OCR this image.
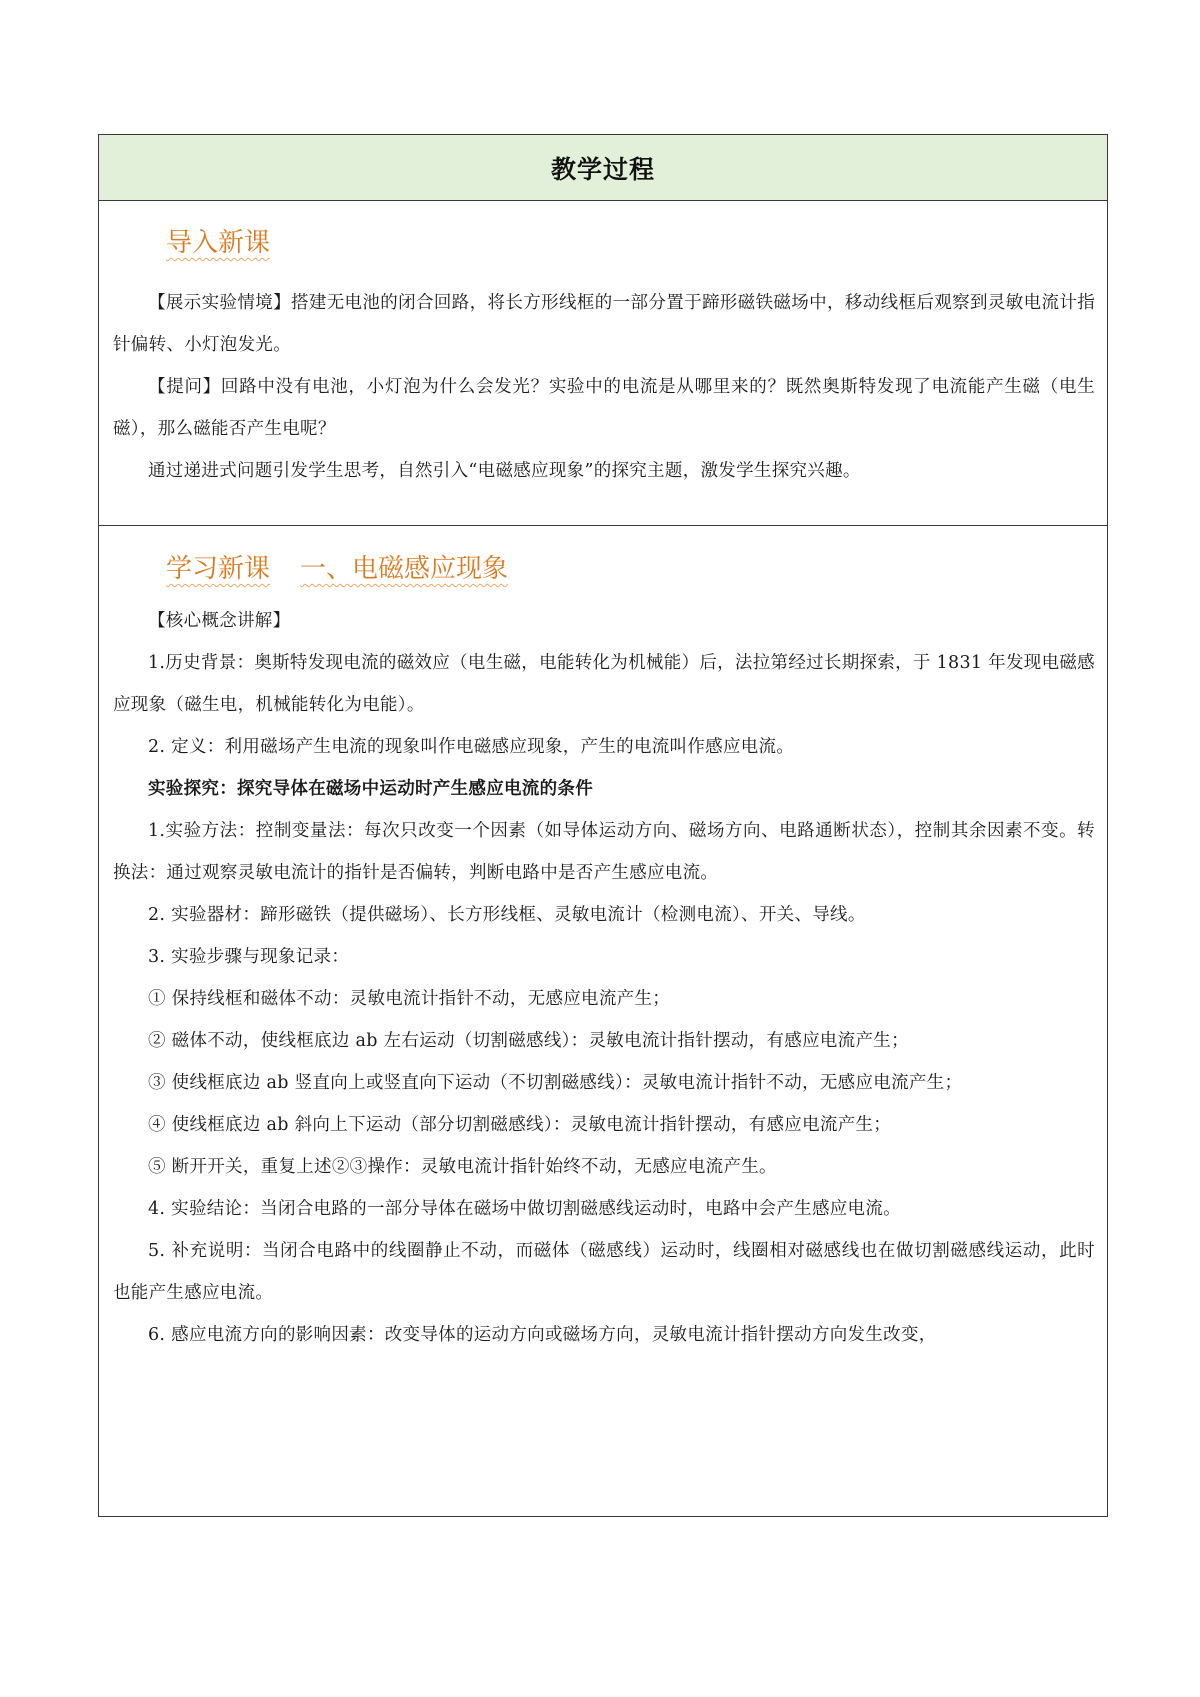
教学过程
导入新课

【展示实验情境】搭建无电池的闭合回路，将长方形线框的一部分置于蹄形磁铁磁场中，移动线框后观察到灵敏电流计指针偏转、小灯泡发光。

【提问】回路中没有电池，小灯泡为什么会发光？实验中的电流是从哪里来的？既然奥斯特发现了电流能产生磁（电生磁），那么磁能否产生电呢？

通过递进式问题引发学生思考，自然引入“电磁感应现象”的探究主题，激发学生探究兴趣。

学习新课 一、电磁感应现象

【核心概念讲解】

1.历史背景：奥斯特发现电流的磁效应（电生磁，电能转化为机械能）后，法拉第经过长期探索，于 1831 年发现电磁感应现象（磁生电，机械能转化为电能）。

2. 定义：利用磁场产生电流的现象叫作电磁感应现象，产生的电流叫作感应电流。

实验探究：探究导体在磁场中运动时产生感应电流的条件

1.实验方法：控制变量法：每次只改变一个因素（如导体运动方向、磁场方向、电路通断状态），控制其余因素不变。转换法：通过观察灵敏电流计的指针是否偏转，判断电路中是否产生感应电流。

2. 实验器材：蹄形磁铁（提供磁场）、长方形线框、灵敏电流计（检测电流）、开关、导线。

3. 实验步骤与现象记录：

① 保持线框和磁体不动：灵敏电流计指针不动，无感应电流产生；

② 磁体不动，使线框底边 ab 左右运动（切割磁感线）：灵敏电流计指针摆动，有感应电流产生；

③ 使线框底边 ab 竖直向上或竖直向下运动（不切割磁感线）：灵敏电流计指针不动，无感应电流产生；

④ 使线框底边 ab 斜向上下运动（部分切割磁感线）：灵敏电流计指针摆动，有感应电流产生；

⑤ 断开开关，重复上述②③操作：灵敏电流计指针始终不动，无感应电流产生。

4. 实验结论：当闭合电路的一部分导体在磁场中做切割磁感线运动时，电路中会产生感应电流。

5. 补充说明：当闭合电路中的线圈静止不动，而磁体（磁感线）运动时，线圈相对磁感线也在做切割磁感线运动，此时也能产生感应电流。

6. 感应电流方向的影响因素：改变导体的运动方向或磁场方向，灵敏电流计指针摆动方向发生改变，
